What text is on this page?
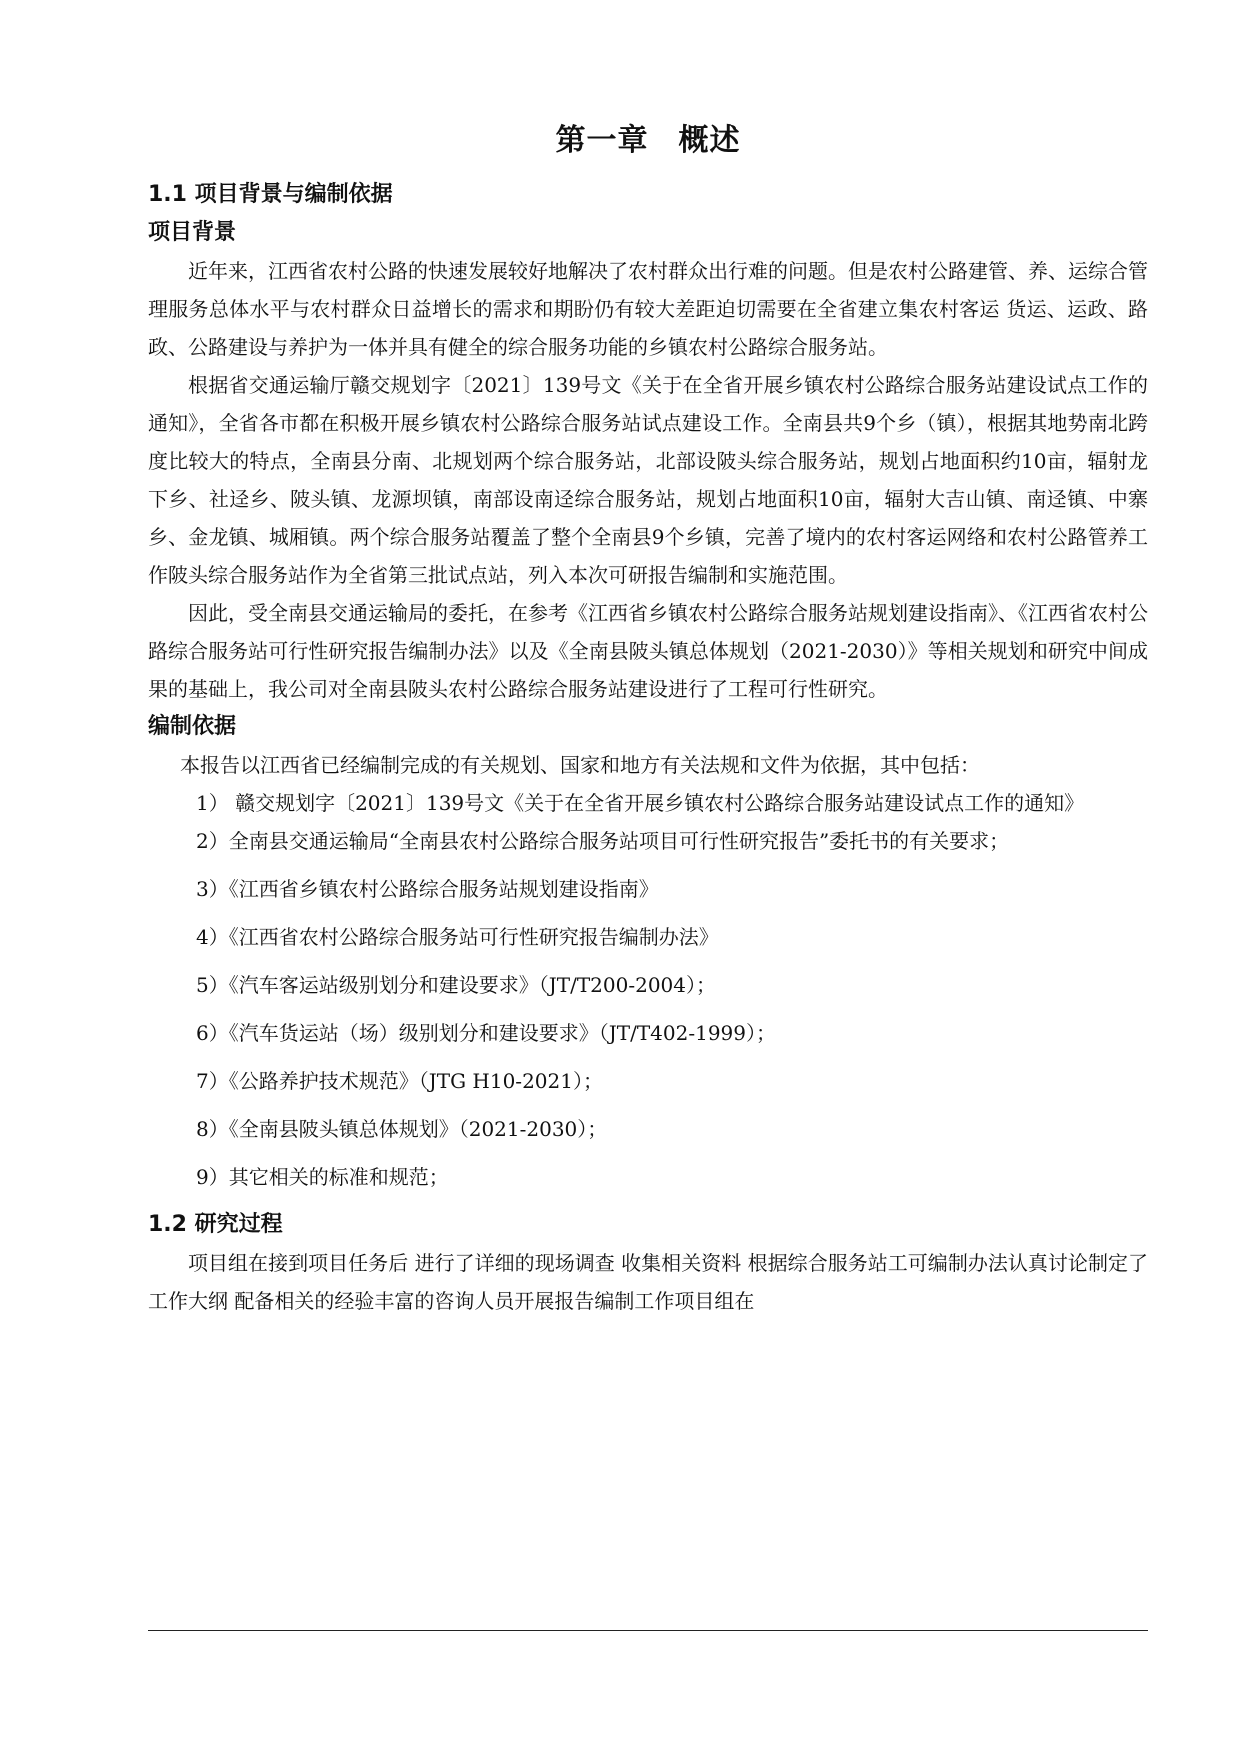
第一章 概述
1.1 项目背景与编制依据
项目背景

近年来，江西省农村公路的快速发展较好地解决了农村群众出行难的问题。但是农村公路建管、养、运综合管理服务总体水平与农村群众日益增长的需求和期盼仍有较大差距迫切需要在全省建立集农村客运 货运、运政、路政、公路建设与养护为一体并具有健全的综合服务功能的乡镇农村公路综合服务站。

根据省交通运输厅赣交规划字〔2021〕139号文《关于在全省开展乡镇农村公路综合服务站建设试点工作的通知》，全省各市都在积极开展乡镇农村公路综合服务站试点建设工作。全南县共9个乡（镇），根据其地势南北跨度比较大的特点，全南县分南、北规划两个综合服务站，北部设陂头综合服务站，规划占地面积约10亩，辐射龙下乡、社迳乡、陂头镇、龙源坝镇，南部设南迳综合服务站，规划占地面积10亩，辐射大吉山镇、南迳镇、中寨乡、金龙镇、城厢镇。两个综合服务站覆盖了整个全南县9个乡镇，完善了境内的农村客运网络和农村公路管养工作陂头综合服务站作为全省第三批试点站，列入本次可研报告编制和实施范围。

因此，受全南县交通运输局的委托，在参考《江西省乡镇农村公路综合服务站规划建设指南》、《江西省农村公路综合服务站可行性研究报告编制办法》以及《全南县陂头镇总体规划（2021-2030）》等相关规划和研究中间成果的基础上，我公司对全南县陂头农村公路综合服务站建设进行了工程可行性研究。

编制依据

本报告以江西省已经编制完成的有关规划、国家和地方有关法规和文件为依据，其中包括：

1） 赣交规划字〔2021〕139号文《关于在全省开展乡镇农村公路综合服务站建设试点工作的通知》

2）全南县交通运输局“全南县农村公路综合服务站项目可行性研究报告”委托书的有关要求；

3）《江西省乡镇农村公路综合服务站规划建设指南》

4）《江西省农村公路综合服务站可行性研究报告编制办法》

5）《汽车客运站级别划分和建设要求》（JT/T200-2004）；

6）《汽车货运站（场）级别划分和建设要求》（JT/T402-1999）；

7）《公路养护技术规范》（JTG H10-2021）；

8）《全南县陂头镇总体规划》（2021-2030）；

9）其它相关的标准和规范；

1.2 研究过程

项目组在接到项目任务后 进行了详细的现场调查 收集相关资料 根据综合服务站工可编制办法认真讨论制定了工作大纲 配备相关的经验丰富的咨询人员开展报告编制工作项目组在
